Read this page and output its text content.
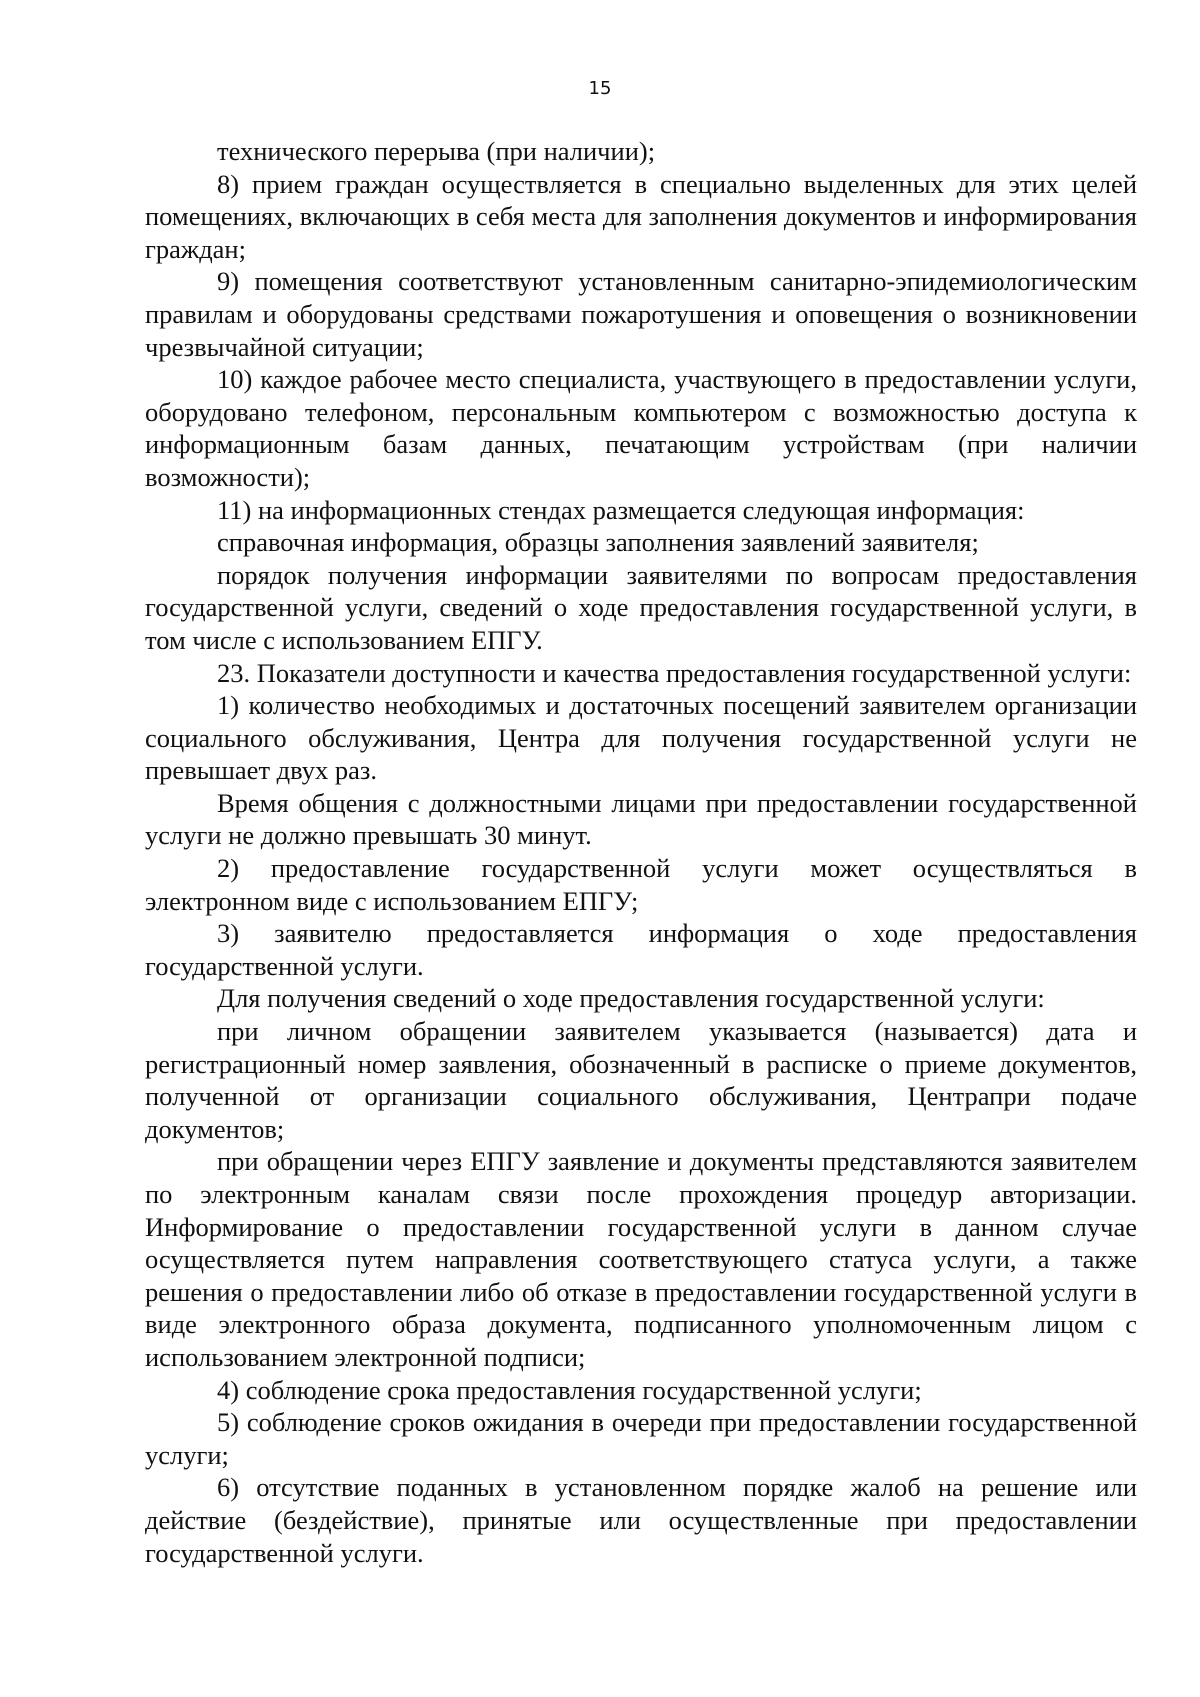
15

технического перерыва (при наличии);

8) прием граждан осуществляется в специально выделенных для этих целей помещениях, включающих в себя места для заполнения документов и информирования граждан;

9) помещения соответствуют установленным санитарно-эпидемиологическим правилам и оборудованы средствами пожаротушения и оповещения о возникновении чрезвычайной ситуации;

10) каждое рабочее место специалиста, участвующего в предоставлении услуги, оборудовано телефоном, персональным компьютером с возможностью доступа к информационным базам данных, печатающим устройствам (при наличии возможности);

11) на информационных стендах размещается следующая информация:

справочная информация, образцы заполнения заявлений заявителя;

порядок получения информации заявителями по вопросам предоставления государственной услуги, сведений о ходе предоставления государственной услуги, в том числе с использованием ЕПГУ.

23. Показатели доступности и качества предоставления государственной услуги:

1) количество необходимых и достаточных посещений заявителем организации социального обслуживания, Центра для получения государственной услуги не превышает двух раз.

Время общения с должностными лицами при предоставлении государственной услуги не должно превышать 30 минут.

2) предоставление государственной услуги может осуществляться в электронном виде с использованием ЕПГУ;

3) заявителю предоставляется информация о ходе предоставления государственной услуги.

Для получения сведений о ходе предоставления государственной услуги:

при личном обращении заявителем указывается (называется) дата и регистрационный номер заявления, обозначенный в расписке о приеме документов, полученной от организации социального обслуживания, Центрапри подаче документов;

при обращении через ЕПГУ заявление и документы представляются заявителем по электронным каналам связи после прохождения процедур авторизации. Информирование о предоставлении государственной услуги в данном случае осуществляется путем направления соответствующего статуса услуги, а также решения о предоставлении либо об отказе в предоставлении государственной услуги в виде электронного образа документа, подписанного уполномоченным лицом с использованием электронной подписи;

4) соблюдение срока предоставления государственной услуги;

5) соблюдение сроков ожидания в очереди при предоставлении государственной услуги;

6) отсутствие поданных в установленном порядке жалоб на решение или действие (бездействие), принятые или осуществленные при предоставлении государственной услуги.
